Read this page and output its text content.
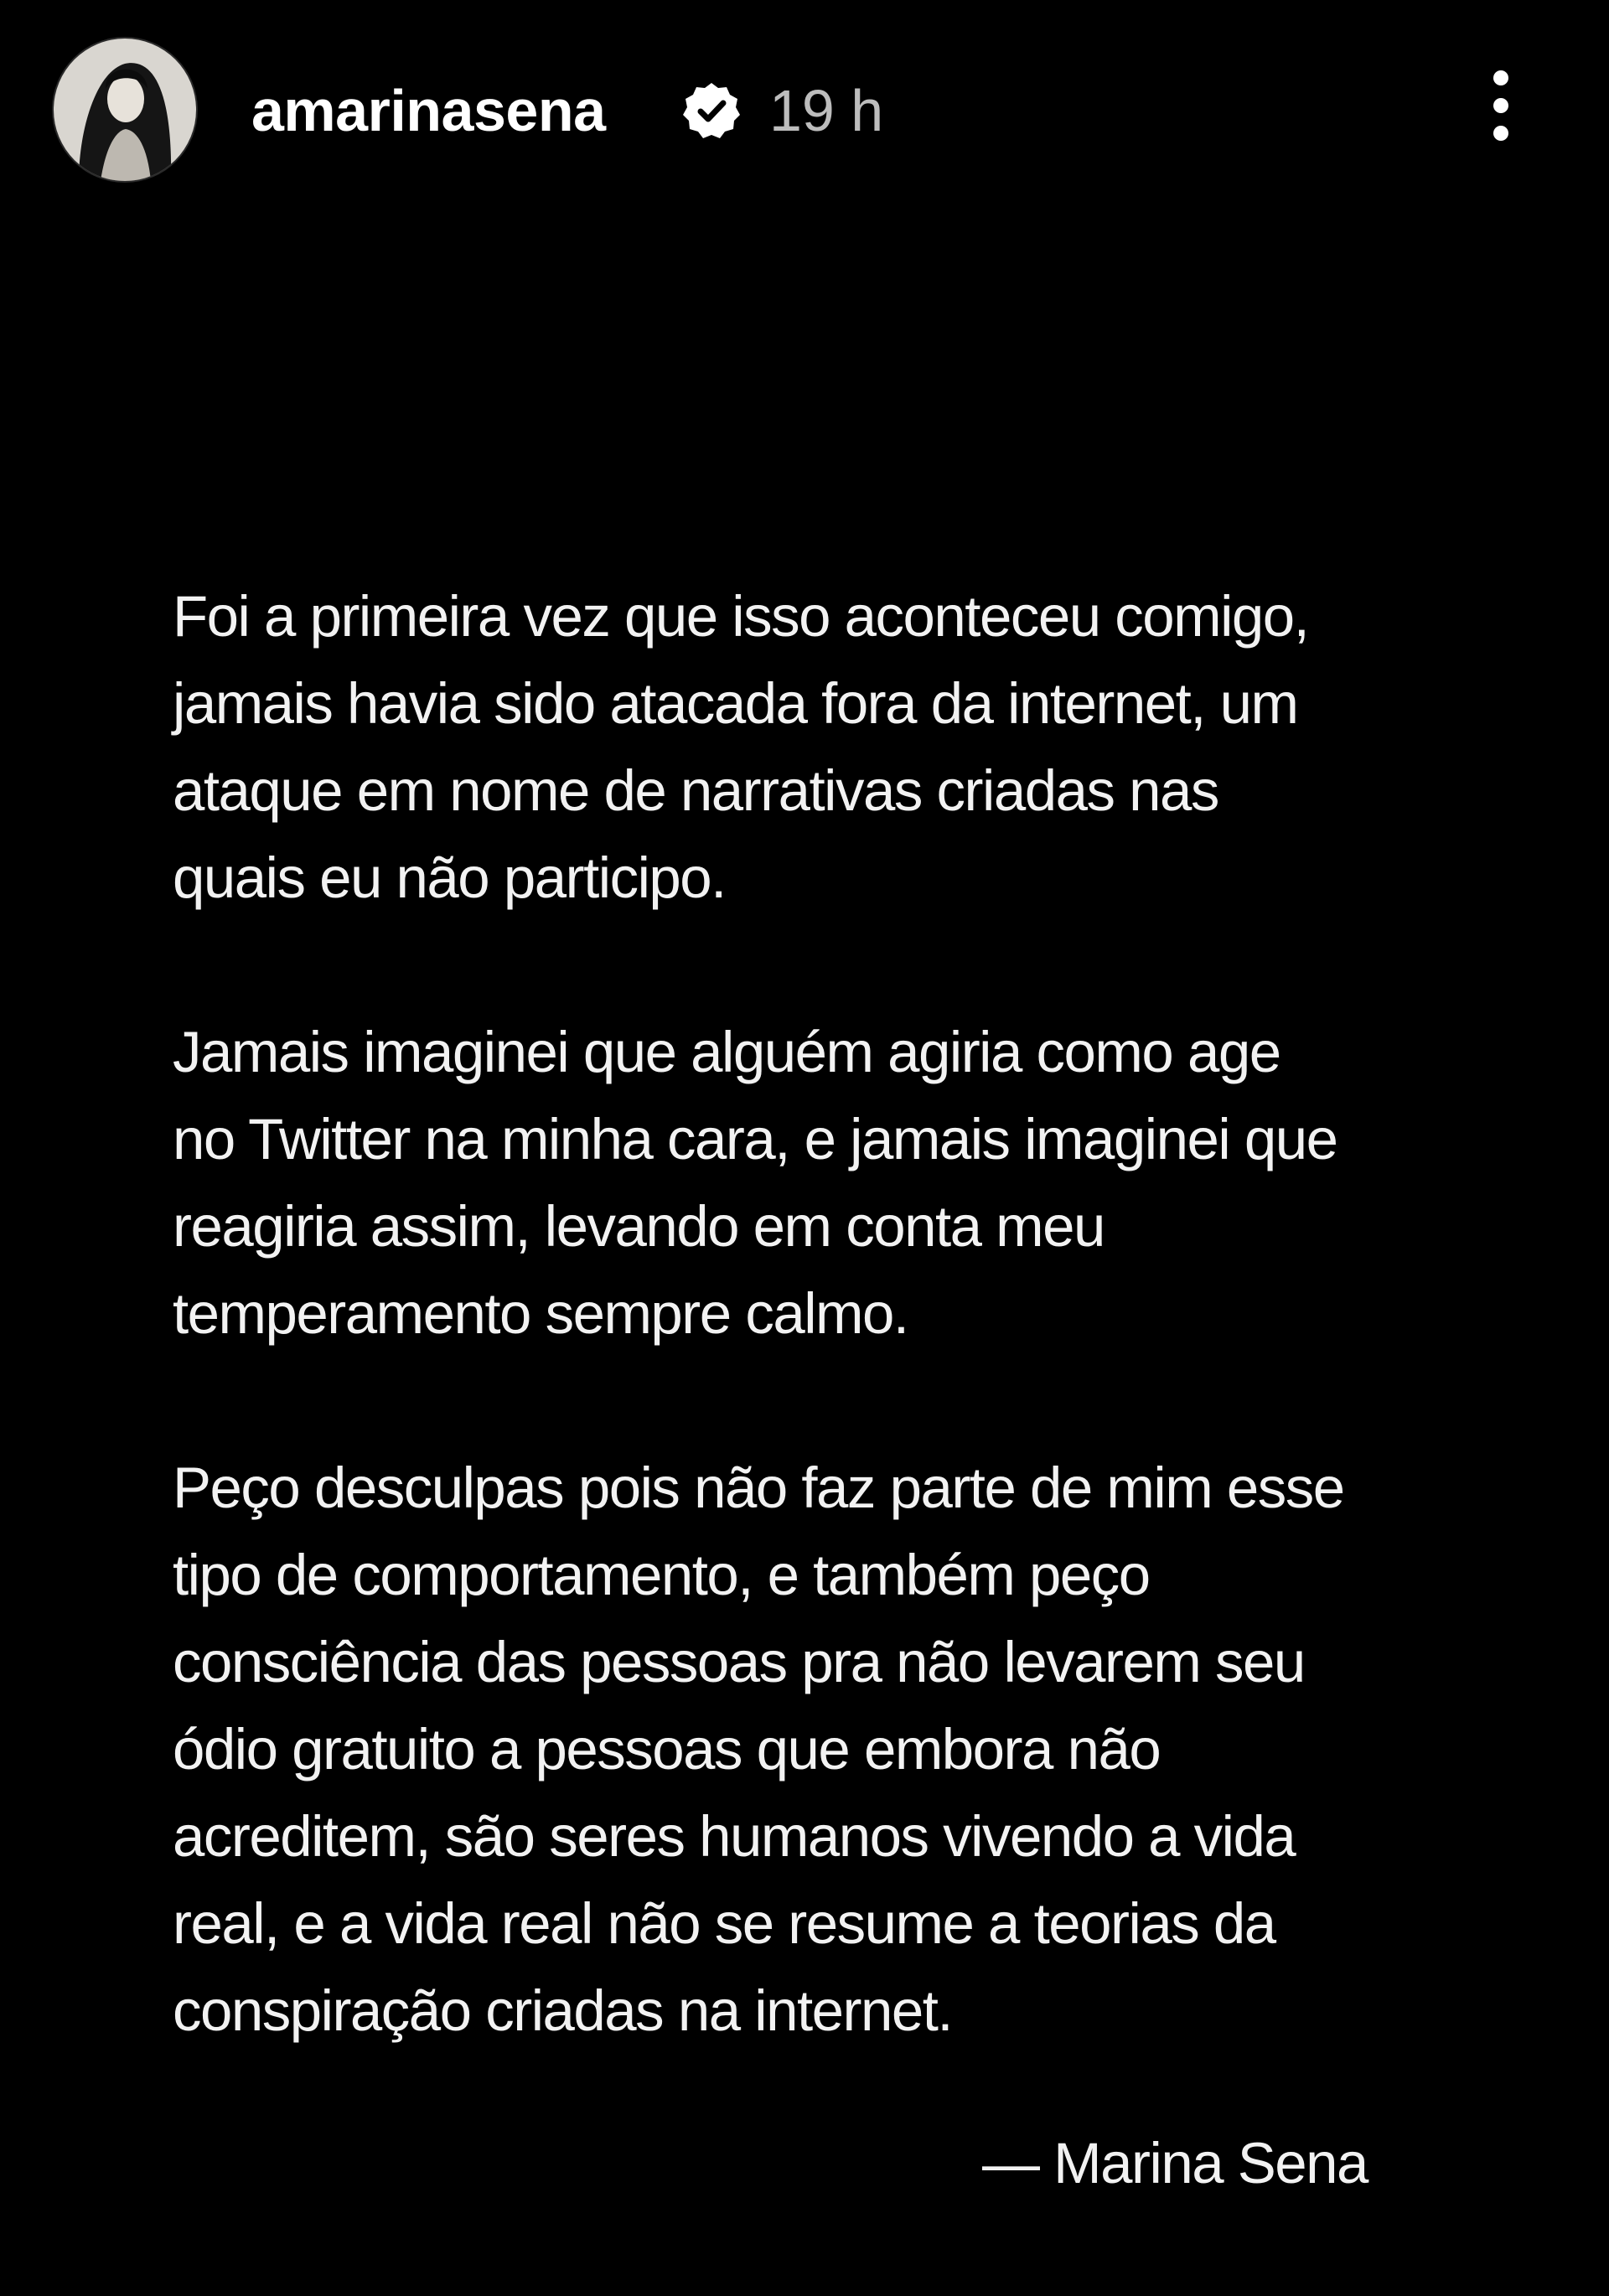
amarinasena	19 h

Foi a primeira vez que isso aconteceu comigo,
jamais havia sido atacada fora da internet, um
ataque em nome de narrativas criadas nas
quais eu não participo.

Jamais imaginei que alguém agiria como age
no Twitter na minha cara, e jamais imaginei que
reagiria assim, levando em conta meu
temperamento sempre calmo.

Peço desculpas pois não faz parte de mim esse
tipo de comportamento, e também peço
consciência das pessoas pra não levarem seu
ódio gratuito a pessoas que embora não
acreditem, são seres humanos vivendo a vida
real, e a vida real não se resume a teorias da
conspiração criadas na internet.

— Marina Sena
